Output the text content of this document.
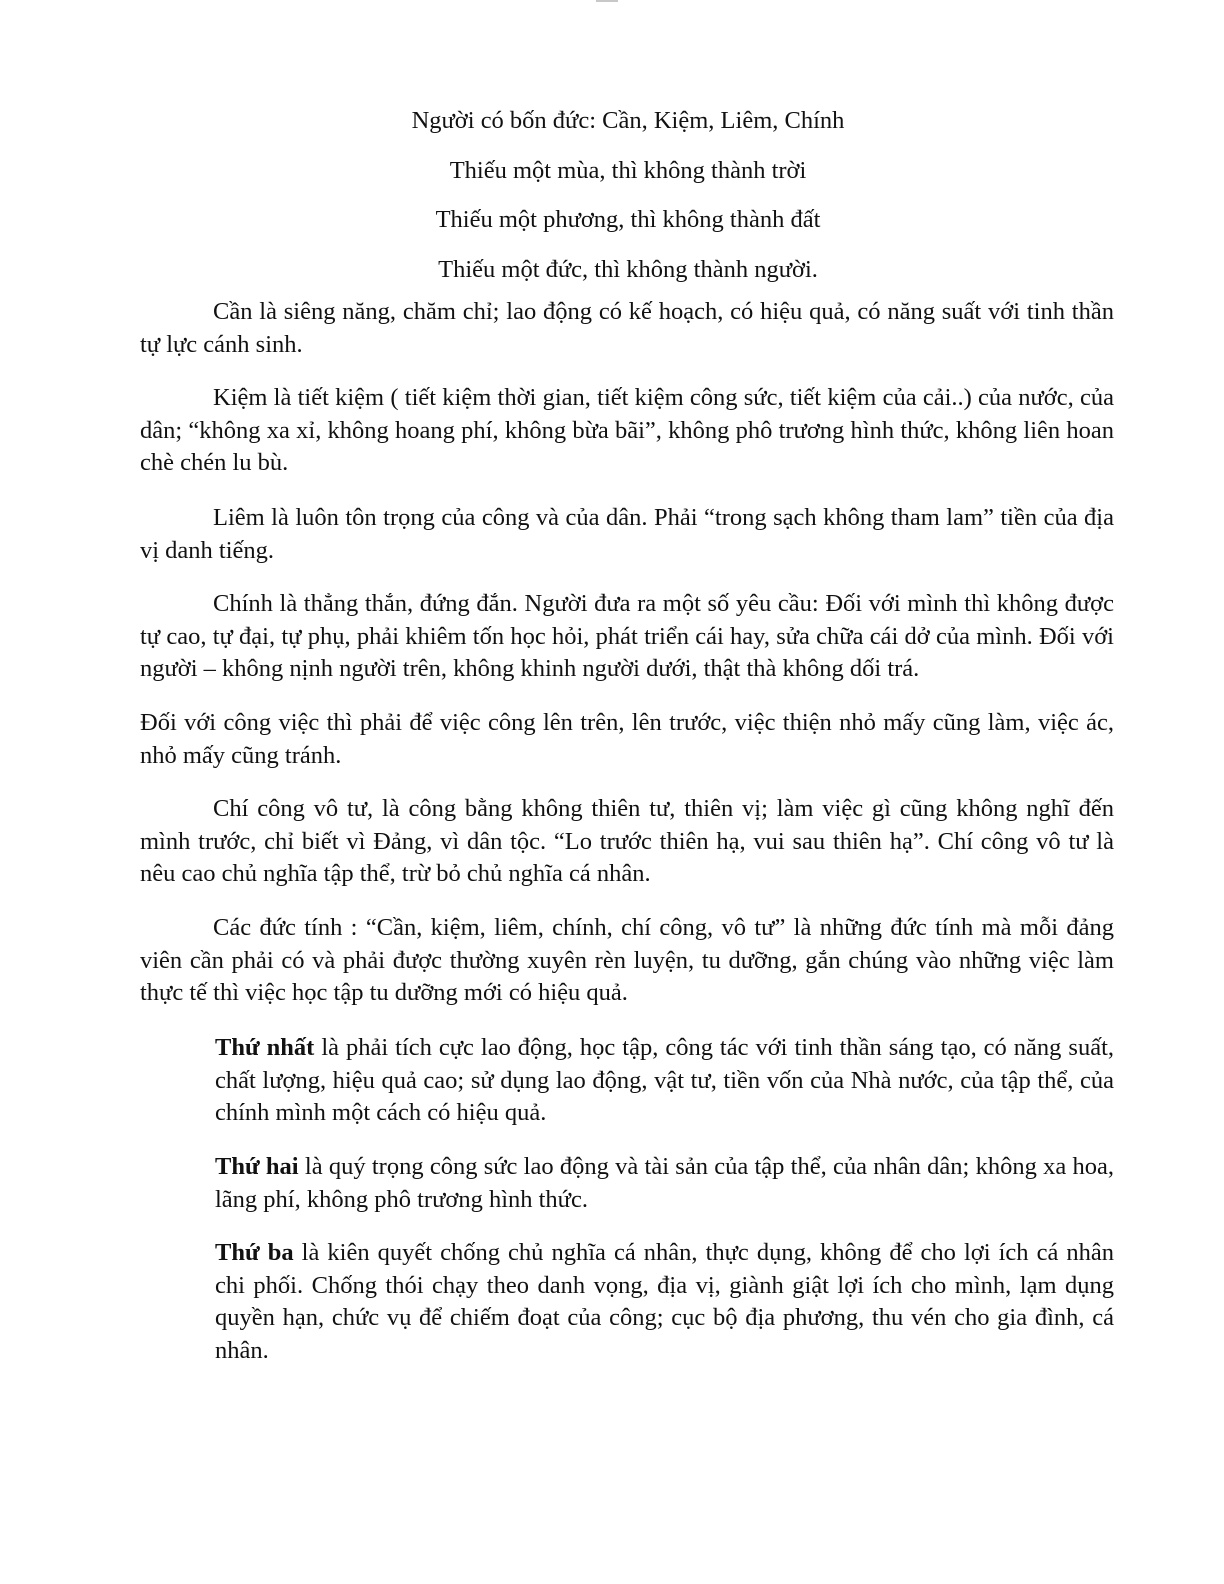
Người có bốn đức: Cần, Kiệm, Liêm, Chính
Thiếu một mùa, thì không thành trời
Thiếu một phương, thì không thành đất
Thiếu một đức, thì không thành người.

Cần là siêng năng, chăm chỉ; lao động có kế hoạch, có hiệu quả, có năng suất với tinh thần tự lực cánh sinh.

Kiệm là tiết kiệm ( tiết kiệm thời gian, tiết kiệm công sức, tiết kiệm của cải..) của nước, của dân; “không xa xỉ, không hoang phí, không bừa bãi”, không phô trương hình thức, không liên hoan chè chén lu bù.

Liêm là luôn tôn trọng của công và của dân. Phải “trong sạch không tham lam” tiền của địa vị danh tiếng.

Chính là thẳng thắn, đứng đắn. Người đưa ra một số yêu cầu: Đối với mình thì không được tự cao, tự đại, tự phụ, phải khiêm tốn học hỏi, phát triển cái hay, sửa chữa cái dở của mình. Đối với người – không nịnh người trên, không khinh người dưới, thật thà không dối trá.

Đối với công việc thì phải để việc công lên trên, lên trước, việc thiện nhỏ mấy cũng làm, việc ác, nhỏ mấy cũng tránh.

Chí công vô tư, là công bằng không thiên tư, thiên vị; làm việc gì cũng không nghĩ đến mình trước, chỉ biết vì Đảng, vì dân tộc. “Lo trước thiên hạ, vui sau thiên hạ”. Chí công vô tư là nêu cao chủ nghĩa tập thể, trừ bỏ chủ nghĩa cá nhân.

Các đức tính : “Cần, kiệm, liêm, chính, chí công, vô tư” là những đức tính mà mỗi đảng viên cần phải có và phải được thường xuyên rèn luyện, tu dưỡng, gắn chúng vào những việc làm thực tế thì việc học tập tu dưỡng mới có hiệu quả.

Thứ nhất là phải tích cực lao động, học tập, công tác với tinh thần sáng tạo, có năng suất, chất lượng, hiệu quả cao; sử dụng lao động, vật tư, tiền vốn của Nhà nước, của tập thể, của chính mình một cách có hiệu quả.

Thứ hai là quý trọng công sức lao động và tài sản của tập thể, của nhân dân; không xa hoa, lãng phí, không phô trương hình thức.

Thứ ba là kiên quyết chống chủ nghĩa cá nhân, thực dụng, không để cho lợi ích cá nhân chi phối. Chống thói chạy theo danh vọng, địa vị, giành giật lợi ích cho mình, lạm dụng quyền hạn, chức vụ để chiếm đoạt của công; cục bộ địa phương, thu vén cho gia đình, cá nhân.
